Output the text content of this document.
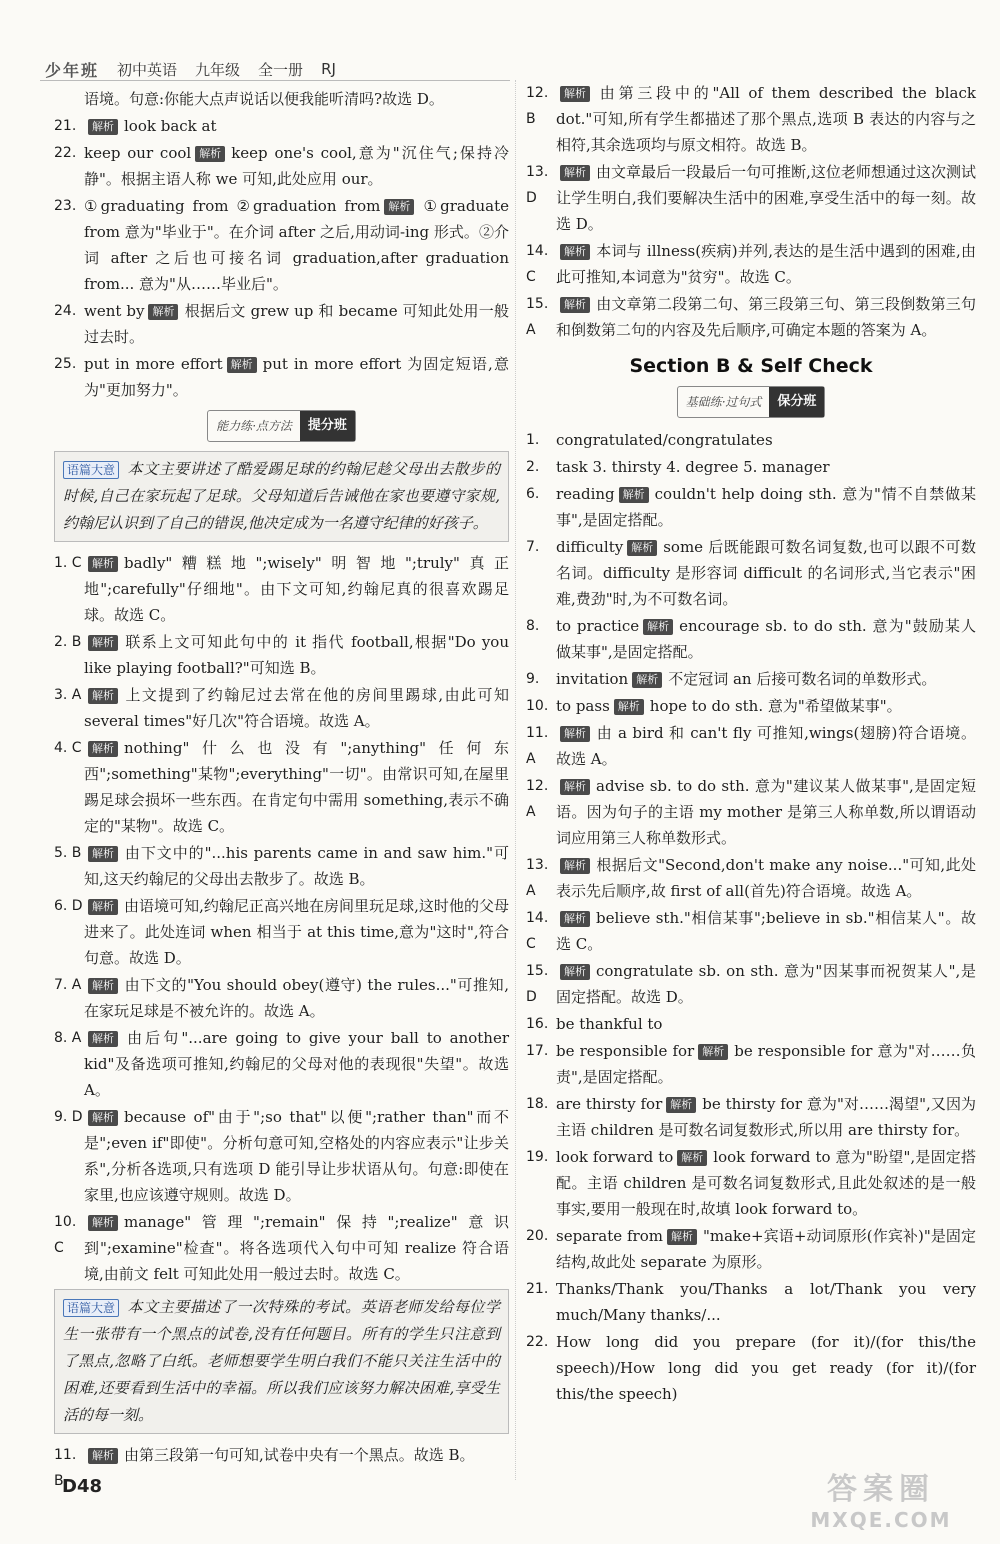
少年班 初中英语 九年级 全一册 RJ
语境。句意:你能大点声说话以便我能听清吗?故选 D。
21.	解析 look back at
22. keep our cool 解析 keep one's cool,意为"沉住气;保持冷静"。根据主语人称 we 可知,此处应用 our。
23. ①graduating from ②graduation from 解析 ①graduate from 意为"毕业于"。在介词 after 之后,用动词-ing 形式。②介词 after 之后也可接名词 graduation,after graduation from... 意为"从……毕业后"。
24. went by 解析 根据后文 grew up 和 became 可知此处用一般过去时。
25. put in more effort 解析 put in more effort 为固定短语,意为"更加努力"。
能力练·点方法	提分班
语篇大意 本文主要讲述了酷爱踢足球的约翰尼趁父母出去散步的时候,自己在家玩起了足球。父母知道后告诫他在家也要遵守家规,约翰尼认识到了自己的错误,他决定成为一名遵守纪律的好孩子。
1. C 解析 badly"糟糕地";wisely"明智地";truly"真正地";carefully"仔细地"。由下文可知,约翰尼真的很喜欢踢足球。故选 C。
2. B 解析 联系上文可知此句中的 it 指代 football,根据"Do you like playing football?"可知选 B。
3. A 解析 上文提到了约翰尼过去常在他的房间里踢球,由此可知 several times"好几次"符合语境。故选 A。
4. C 解析 nothing"什么也没有";anything"任何东西";something"某物";everything"一切"。由常识可知,在屋里踢足球会损坏一些东西。在肯定句中需用 something,表示不确定的"某物"。故选 C。
5. B 解析 由下文中的"...his parents came in and saw him."可知,这天约翰尼的父母出去散步了。故选 B。
6. D 解析 由语境可知,约翰尼正高兴地在房间里玩足球,这时他的父母进来了。此处连词 when 相当于 at this time,意为"这时",符合句意。故选 D。
7. A 解析 由下文的"You should obey(遵守) the rules..."可推知,在家玩足球是不被允许的。故选 A。
8. A 解析 由后句"...are going to give your ball to another kid"及备选项可推知,约翰尼的父母对他的表现很"失望"。故选 A。
9. D 解析 because of"由于";so that"以便";rather than"而不是";even if"即使"。分析句意可知,空格处的内容应表示"让步关系",分析各选项,只有选项 D 能引导让步状语从句。句意:即使在家里,也应该遵守规则。故选 D。
10. C
解析 manage"管理";remain"保持";realize"意识到";examine"检查"。将各选项代入句中可知 realize 符合语境,由前文 felt 可知此处用一般过去时。故选 C。
语篇大意 本文主要描述了一次特殊的考试。英语老师发给每位学生一张带有一个黑点的试卷,没有任何题目。所有的学生只注意到了黑点,忽略了白纸。老师想要学生明白我们不能只关注生活中的困难,还要看到生活中的幸福。所以我们应该努力解决困难,享受生活的每一刻。
11. B
解析 由第三段第一句可知,试卷中央有一个黑点。故选 B。
12. B
解析 由第三段中的"All of them described the black dot."可知,所有学生都描述了那个黑点,选项 B 表达的内容与之相符,其余选项均与原文相符。故选 B。
13. D
解析 由文章最后一段最后一句可推断,这位老师想通过这次测试让学生明白,我们要解决生活中的困难,享受生活中的每一刻。故选 D。
14. C
解析 本词与 illness(疾病)并列,表达的是生活中遇到的困难,由此可推知,本词意为"贫穷"。故选 C。
15. A
解析 由文章第二段第二句、第三段第三句、第三段倒数第三句和倒数第二句的内容及先后顺序,可确定本题的答案为 A。
Section B & Self Check
基础练·过句式	保分班
1.	congratulated/congratulates
2.	task 3. thirsty 4. degree 5. manager
6.	reading 解析 couldn't help doing sth. 意为"情不自禁做某事",是固定搭配。
7.	difficulty 解析 some 后既能跟可数名词复数,也可以跟不可数名词。difficulty 是形容词 difficult 的名词形式,当它表示"困难,费劲"时,为不可数名词。
8.	to practice 解析 encourage sb. to do sth. 意为"鼓励某人做某事",是固定搭配。
9.	invitation 解析 不定冠词 an 后接可数名词的单数形式。
10. to pass 解析 hope to do sth. 意为"希望做某事"。
11. A
解析 由 a bird 和 can't fly 可推知,wings(翅膀)符合语境。故选 A。
12. A
解析 advise sb. to do sth. 意为"建议某人做某事",是固定短语。因为句子的主语 my mother 是第三人称单数,所以谓语动词应用第三人称单数形式。
13. A
解析 根据后文"Second,don't make any noise..."可知,此处表示先后顺序,故 first of all(首先)符合语境。故选 A。
14. C
解析 believe sth."相信某事";believe in sb."相信某人"。故选 C。
15. D
解析 congratulate sb. on sth. 意为"因某事而祝贺某人",是固定搭配。故选 D。
16. be thankful to
17. be responsible for 解析 be responsible for 意为"对……负责",是固定搭配。
18. are thirsty for 解析 be thirsty for 意为"对……渴望",又因为主语 children 是可数名词复数形式,所以用 are thirsty for。
19. look forward to 解析 look forward to 意为"盼望",是固定搭配。主语 children 是可数名词复数形式,且此处叙述的是一般事实,要用一般现在时,故填 look forward to。
20. separate from 解析 "make+宾语+动词原形(作宾补)"是固定结构,故此处 separate 为原形。
21. Thanks/Thank you/Thanks a lot/Thank you very much/Many thanks/...
22. How long did you prepare (for it)/(for this/the speech)/How long did you get ready (for it)/(for this/the speech)
D48	答案圈
MXQE.COM
